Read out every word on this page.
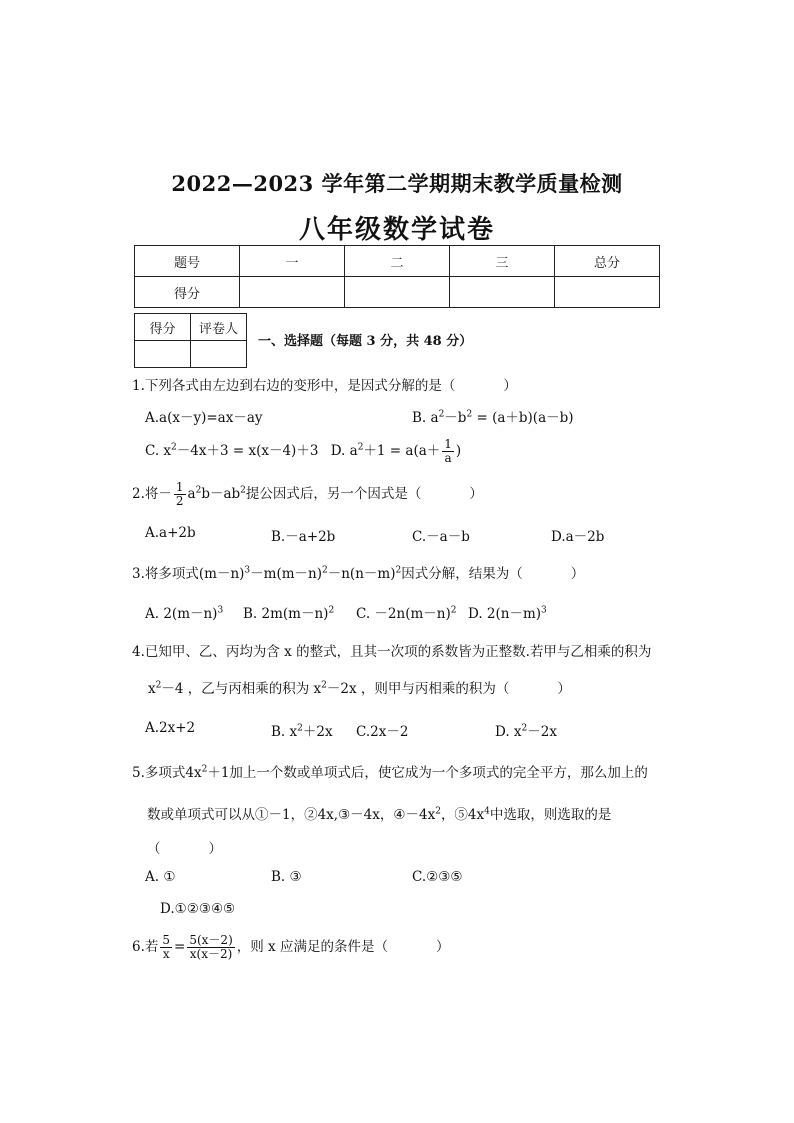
2022—2023 学年第二学期期末教学质量检测
八年级数学试卷
题号	一	二	三	总分
得分				
得分	评卷人

一、选择题（每题 3 分，共 48 分）
1.下列各式由左边到右边的变形中，是因式分解的是（	）
A.a(x－y)=ax－ay	B. $a^2-b^2 = (a+b)(a-b)$
C. $x^2-4x+3 = x(x-4)+3$ D. $a^2+1 = a(a+ \frac{1}{a}$ )
2.将－ $\frac{1}{2} a^2b-ab^2$提公因式后，另一个因式是（	）
A.a+2b	B.－a+2b	C.－a－b	D.a－2b
3.将多项式$(m-n)^3-m(m-n)^2-n(n-m)^2$因式分解，结果为（	）
A. $2(m-n)^3$ B. $2m(m-n)^2$ C. $-2n(m-n)^2$ D. $2(n-m)^3$
4.已知甲、乙、丙均为含 x 的整式，且其一次项的系数皆为正整数.若甲与乙相乘的积为
$x^2-4$ ，乙与丙相乘的积为 $x^2-2x$ ，则甲与丙相乘的积为（	）
A.2x+2	B. $x^2+2x$ C.2x－2	D. $x^2-2x$
5.多项式$4x^2+1$加上一个数或单项式后，使它成为一个多项式的完全平方，那么加上的
数或单项式可以从①－1，②4x,③－4x，$④-4x^2$，$⑤4x^4$中选取，则选取的是
（	）
A. ①	B. ③	C.②③⑤
D.①②③④⑤
6.若 $\frac{5}{x} = \frac{5(x-2)}{x(x-2)}$ ，则 x 应满足的条件是（	）
